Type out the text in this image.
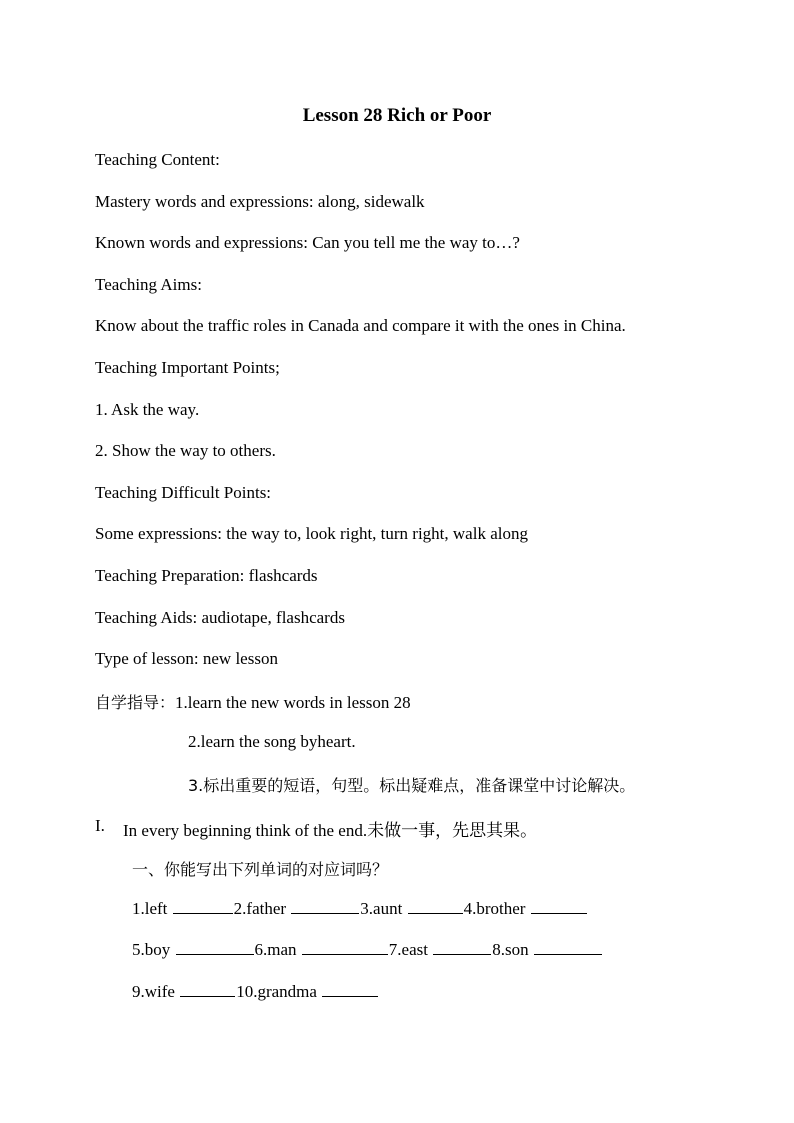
Lesson 28 Rich or Poor
Teaching Content:
Mastery words and expressions: along, sidewalk
Known words and expressions: Can you tell me the way to…?
Teaching Aims:
Know about the traffic roles in Canada and compare it with the ones in China.
Teaching Important Points;
1. Ask the way.
2. Show the way to others.
Teaching Difficult Points:
Some expressions: the way to, look right, turn right, walk along
Teaching Preparation: flashcards
Teaching Aids: audiotape, flashcards
Type of lesson: new lesson
自学指导：1.learn the new words in lesson 28
2.learn the song byheart.
3.标出重要的短语，句型。标出疑难点，准备课堂中讨论解决。
I. In every beginning think of the end.未做一事，先思其果。
一、你能写出下列单词的对应词吗？
1.left	2.father	3.aunt	4.brother
5.boy	6.man	7.east	8.son
9.wife	10.grandma
